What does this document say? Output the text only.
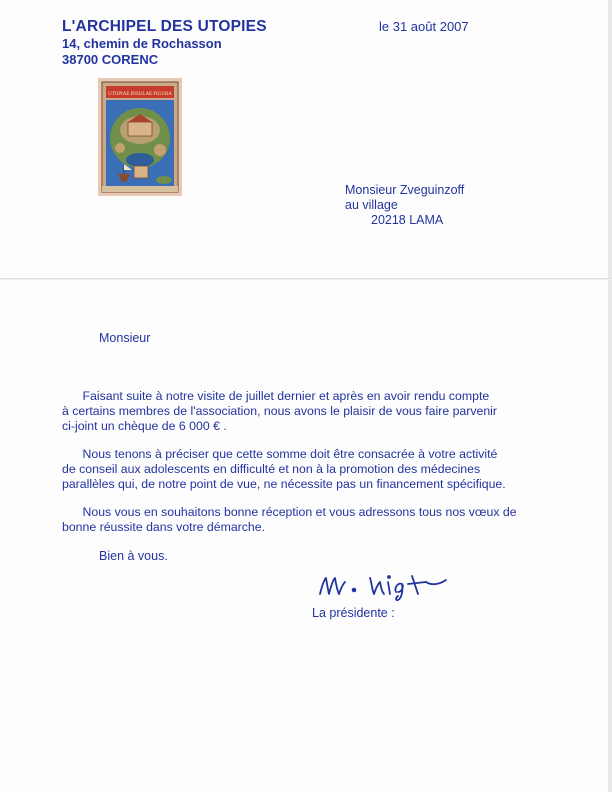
L'ARCHIPEL DES UTOPIES
14, chemin de Rochasson
38700 CORENC
le 31 août 2007
UTOPIAE INSULAE FIGURA
Monsieur Zveguinzoff
au village
20218 LAMA
Monsieur
Faisant suite à notre visite de juillet dernier et après en avoir rendu compte
à certains membres de l'association, nous avons le plaisir de vous faire parvenir
ci-joint un chèque de 6 000 € .
Nous tenons à préciser que cette somme doit être consacrée à votre activité
de conseil aux adolescents en difficulté et non à la promotion des médecines
parallèles qui, de notre point de vue, ne nécessite pas un financement spécifique.
Nous vous en souhaitons bonne réception et vous adressons tous nos vœux de
bonne réussite dans votre démarche.
Bien à vous.
La présidente :
